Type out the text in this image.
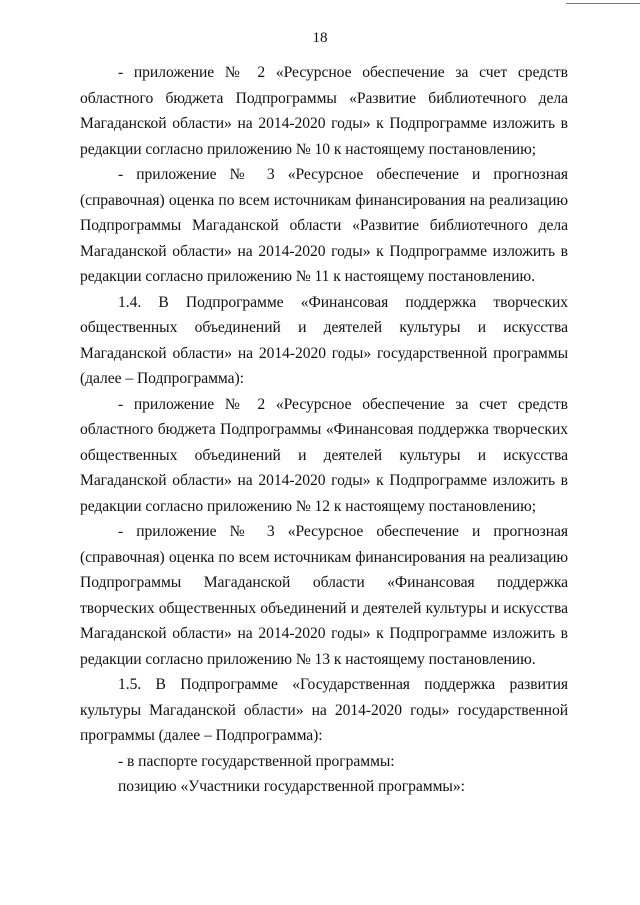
18

- приложение № 2 «Ресурсное обеспечение за счет средств областного бюджета Подпрограммы «Развитие библиотечного дела Магаданской области» на 2014-2020 годы» к Подпрограмме изложить в редакции согласно приложению № 10 к настоящему постановлению;

- приложение № 3 «Ресурсное обеспечение и прогнозная (справочная) оценка по всем источникам финансирования на реализацию Подпрограммы Магаданской области «Развитие библиотечного дела Магаданской области» на 2014-2020 годы» к Подпрограмме изложить в редакции согласно приложению № 11 к настоящему постановлению.

1.4. В Подпрограмме «Финансовая поддержка творческих общественных объединений и деятелей культуры и искусства Магаданской области» на 2014-2020 годы» государственной программы (далее – Подпрограмма):

- приложение № 2 «Ресурсное обеспечение за счет средств областного бюджета Подпрограммы «Финансовая поддержка творческих общественных объединений и деятелей культуры и искусства Магаданской области» на 2014-2020 годы» к Подпрограмме изложить в редакции согласно приложению № 12 к настоящему постановлению;

- приложение № 3 «Ресурсное обеспечение и прогнозная (справочная) оценка по всем источникам финансирования на реализацию Подпрограммы Магаданской области «Финансовая поддержка творческих общественных объединений и деятелей культуры и искусства Магаданской области» на 2014-2020 годы» к Подпрограмме изложить в редакции согласно приложению № 13 к настоящему постановлению.

1.5. В Подпрограмме «Государственная поддержка развития культуры Магаданской области» на 2014-2020 годы» государственной программы (далее – Подпрограмма):

- в паспорте государственной программы:

позицию «Участники государственной программы»:
